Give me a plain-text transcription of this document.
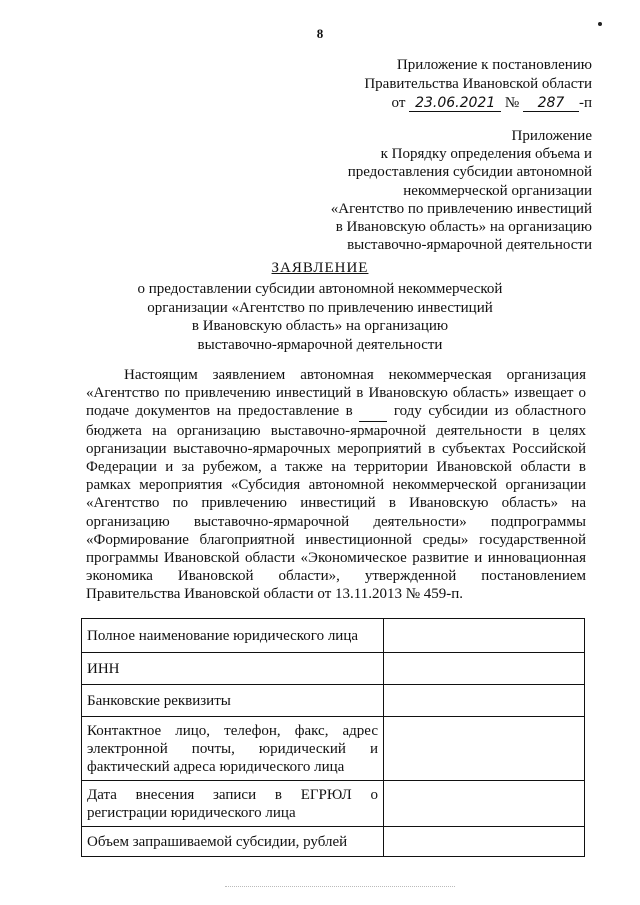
8
Приложение к постановлению
Правительства Ивановской области
от 23.06.2021 № 287 -п
Приложение
к Порядку определения объема и
предоставления субсидии автономной
некоммерческой организации
«Агентство по привлечению инвестиций
в Ивановскую область» на организацию
выставочно-ярмарочной деятельности
ЗАЯВЛЕНИЕ
о предоставлении субсидии автономной некоммерческой
организации «Агентство по привлечению инвестиций
в Ивановскую область» на организацию
выставочно-ярмарочной деятельности

Настоящим заявлением автономная некоммерческая организация «Агентство по привлечению инвестиций в Ивановскую область» извещает о подаче документов на предоставление в	году субсидии из областного бюджета на организацию выставочно-ярмарочной деятельности в целях организации выставочно-ярмарочных мероприятий в субъектах Российской Федерации и за рубежом, а также на территории Ивановской области в рамках мероприятия «Субсидия автономной некоммерческой организации «Агентство по привлечению инвестиций в Ивановскую область» на организацию выставочно-ярмарочной деятельности» подпрограммы «Формирование благоприятной инвестиционной среды» государственной программы Ивановской области «Экономическое развитие и инновационная экономика Ивановской области», утвержденной постановлением Правительства Ивановской области от 13.11.2013 № 459-п.

Полное наименование юридического лица	
ИНН	
Банковские реквизиты	
Контактное лицо, телефон, факс, адрес электронной почты, юридический и фактический адреса юридического лица	
Дата внесения записи в ЕГРЮЛ о регистрации юридического лица	
Объем запрашиваемой субсидии, рублей	
